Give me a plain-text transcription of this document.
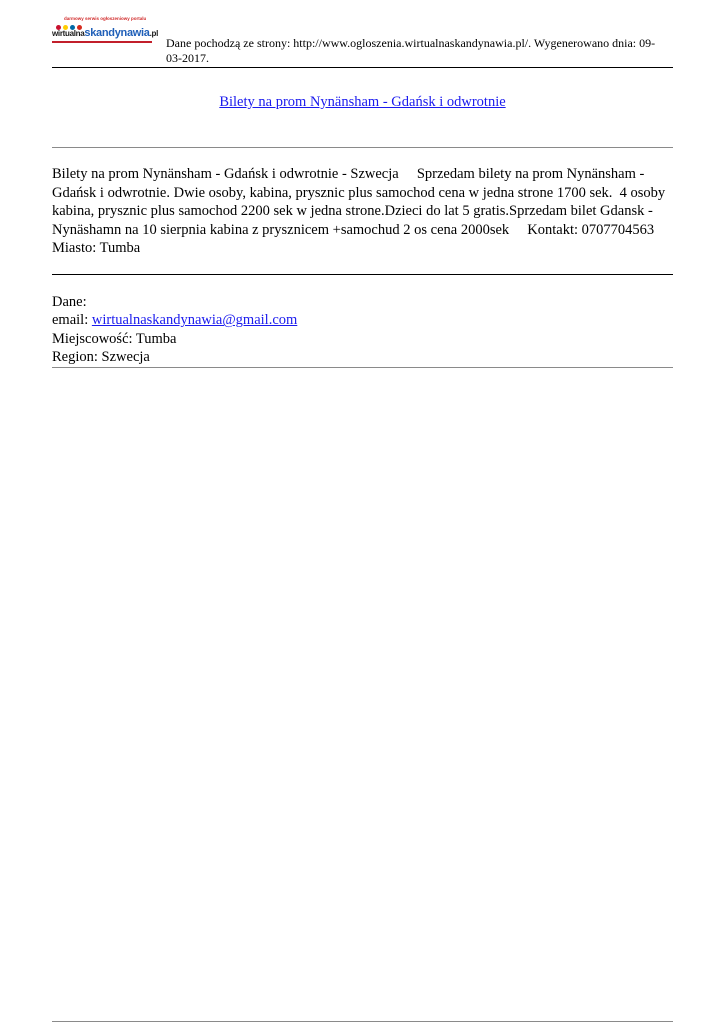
darmowy serwis ogłoszeniowy portalu
wirtualnaskandynawia.pl
Dane pochodzą ze strony: http://www.ogloszenia.wirtualnaskandynawia.pl/. Wygenerowano dnia: 09-03-2017.
Bilety na prom Nynänsham - Gdańsk i odwrotnie
Bilety na prom Nynänsham - Gdańsk i odwrotnie - Szwecja     Sprzedam bilety na prom Nynänsham - Gdańsk i odwrotnie. Dwie osoby, kabina, prysznic plus samochod cena w jedna strone 1700 sek.  4 osoby kabina, prysznic plus samochod 2200 sek w jedna strone.Dzieci do lat 5 gratis.Sprzedam bilet Gdansk - Nynäshamn na 10 sierpnia kabina z prysznicem +samochud 2 os cena 2000sek     Kontakt: 0707704563     Miasto: Tumba
Dane:
email: wirtualnaskandynawia@gmail.com
Miejscowość: Tumba
Region: Szwecja
